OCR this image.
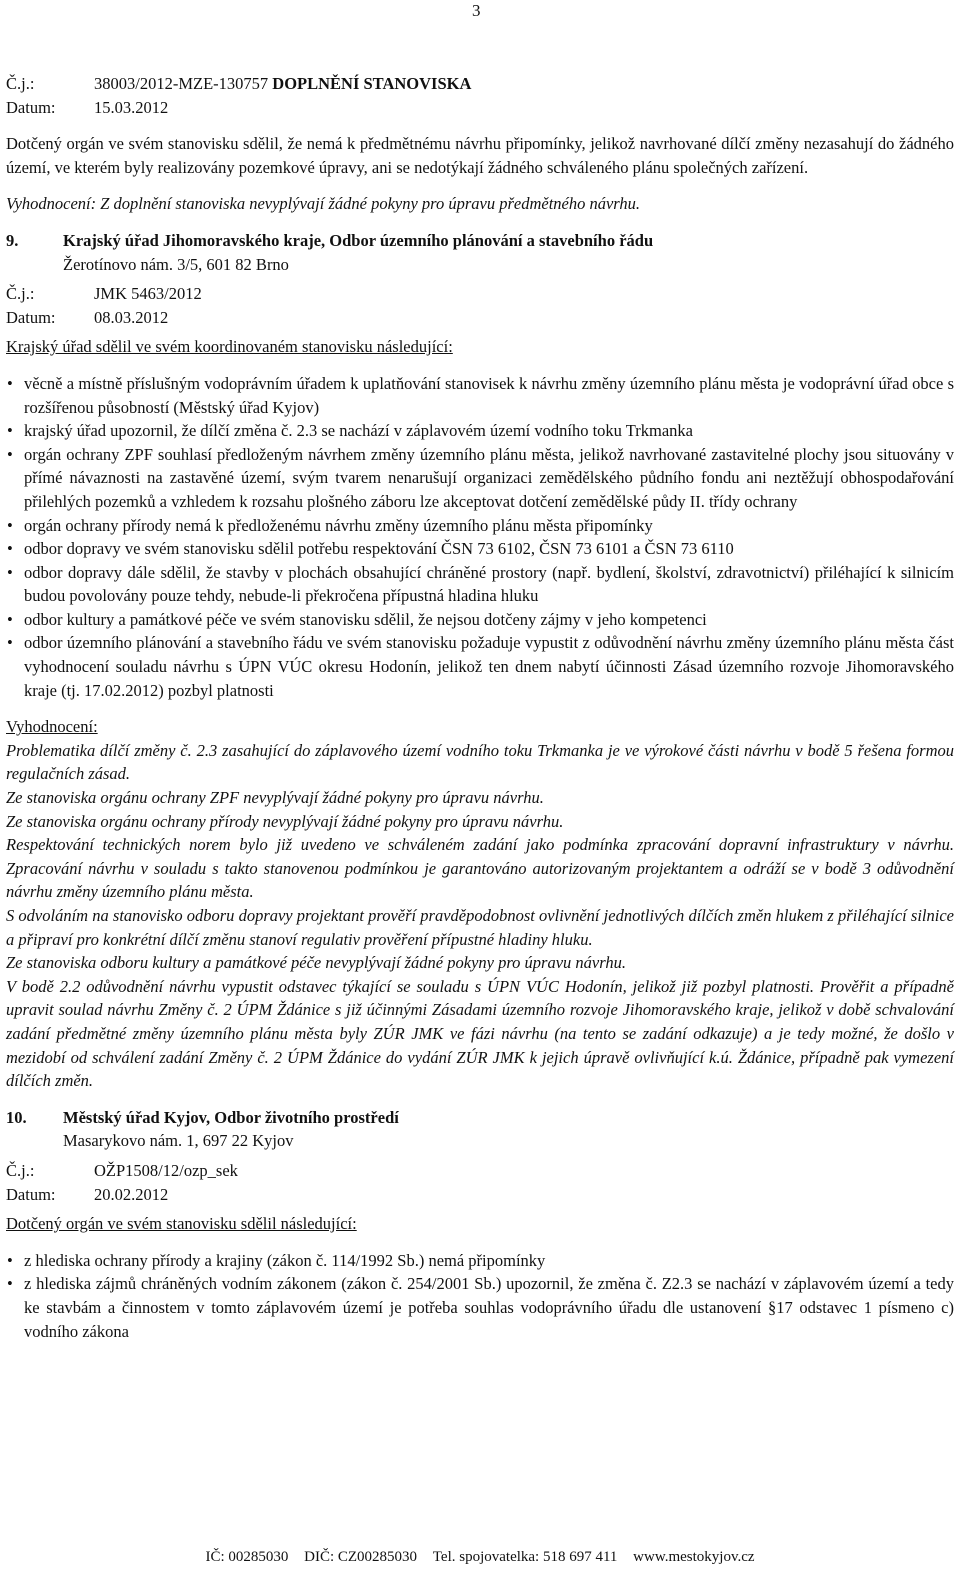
3
Č.j.:	38003/2012-MZE-130757 DOPLNĚNÍ STANOVISKA
Datum:	15.03.2012
Dotčený orgán ve svém stanovisku sdělil, že nemá k předmětnému návrhu připomínky, jelikož navrhované dílčí změny nezasahují do žádného území, ve kterém byly realizovány pozemkové úpravy, ani se nedotýkají žádného schváleného plánu společných zařízení.
Vyhodnocení: Z doplnění stanoviska nevyplývají žádné pokyny pro úpravu předmětného návrhu.
9.	Krajský úřad Jihomoravského kraje, Odbor územního plánování a stavebního řádu
Žerotínovo nám. 3/5, 601 82 Brno
Č.j.:	JMK 5463/2012
Datum:	08.03.2012
Krajský úřad sdělil ve svém koordinovaném stanovisku následující:
• věcně a místně příslušným vodoprávním úřadem k uplatňování stanovisek k návrhu změny územního plánu města je vodoprávní úřad obce s rozšířenou působností (Městský úřad Kyjov)
• krajský úřad upozornil, že dílčí změna č. 2.3 se nachází v záplavovém území vodního toku Trkmanka
• orgán ochrany ZPF souhlasí předloženým návrhem změny územního plánu města, jelikož navrhované zastavitelné plochy jsou situovány v přímé návaznosti na zastavěné území, svým tvarem nenarušují organizaci zemědělského půdního fondu ani neztěžují obhospodařování přilehlých pozemků a vzhledem k rozsahu plošného záboru lze akceptovat dotčení zemědělské půdy II. třídy ochrany
• orgán ochrany přírody nemá k předloženému návrhu změny územního plánu města připomínky
• odbor dopravy ve svém stanovisku sdělil potřebu respektování ČSN 73 6102, ČSN 73 6101 a ČSN 73 6110
• odbor dopravy dále sdělil, že stavby v plochách obsahující chráněné prostory (např. bydlení, školství, zdravotnictví) přiléhající k silnicím budou povolovány pouze tehdy, nebude-li překročena přípustná hladina hluku
• odbor kultury a památkové péče ve svém stanovisku sdělil, že nejsou dotčeny zájmy v jeho kompetenci
• odbor územního plánování a stavebního řádu ve svém stanovisku požaduje vypustit z odůvodnění návrhu změny územního plánu města část vyhodnocení souladu návrhu s ÚPN VÚC okresu Hodonín, jelikož ten dnem nabytí účinnosti Zásad územního rozvoje Jihomoravského kraje (tj. 17.02.2012) pozbyl platnosti
Vyhodnocení:
Problematika dílčí změny č. 2.3 zasahující do záplavového území vodního toku Trkmanka je ve výrokové části návrhu v bodě 5 řešena formou regulačních zásad.
Ze stanoviska orgánu ochrany ZPF nevyplývají žádné pokyny pro úpravu návrhu.
Ze stanoviska orgánu ochrany přírody nevyplývají žádné pokyny pro úpravu návrhu.
Respektování technických norem bylo již uvedeno ve schváleném zadání jako podmínka zpracování dopravní infrastruktury v návrhu. Zpracování návrhu v souladu s takto stanovenou podmínkou je garantováno autorizovaným projektantem a odráží se v bodě 3 odůvodnění návrhu změny územního plánu města.
S odvoláním na stanovisko odboru dopravy projektant prověří pravděpodobnost ovlivnění jednotlivých dílčích změn hlukem z přiléhající silnice a připraví pro konkrétní dílčí změnu stanoví regulativ prověření přípustné hladiny hluku.
Ze stanoviska odboru kultury a památkové péče nevyplývají žádné pokyny pro úpravu návrhu.
V bodě 2.2 odůvodnění návrhu vypustit odstavec týkající se souladu s ÚPN VÚC Hodonín, jelikož již pozbyl platnosti. Prověřit a případně upravit soulad návrhu Změny č. 2 ÚPM Ždánice s již účinnými Zásadami územního rozvoje Jihomoravského kraje, jelikož v době schvalování zadání předmětné změny územního plánu města byly ZÚR JMK ve fázi návrhu (na tento se zadání odkazuje) a je tedy možné, že došlo v mezidobí od schválení zadání Změny č. 2 ÚPM Ždánice do vydání ZÚR JMK k jejich úpravě ovlivňující k.ú. Ždánice, případně pak vymezení dílčích změn.
10.	Městský úřad Kyjov, Odbor životního prostředí
Masarykovo nám. 1, 697 22 Kyjov
Č.j.:	OŽP1508/12/ozp_sek
Datum:	20.02.2012
Dotčený orgán ve svém stanovisku sdělil následující:
• z hlediska ochrany přírody a krajiny (zákon č. 114/1992 Sb.) nemá připomínky
• z hlediska zájmů chráněných vodním zákonem (zákon č. 254/2001 Sb.) upozornil, že změna č. Z2.3 se nachází v záplavovém území a tedy ke stavbám a činnostem v tomto záplavovém území je potřeba souhlas vodoprávního úřadu dle ustanovení §17 odstavec 1 písmeno c) vodního zákona
IČ: 00285030 DIČ: CZ00285030 Tel. spojovatelka: 518 697 411 www.mestokyjov.cz
